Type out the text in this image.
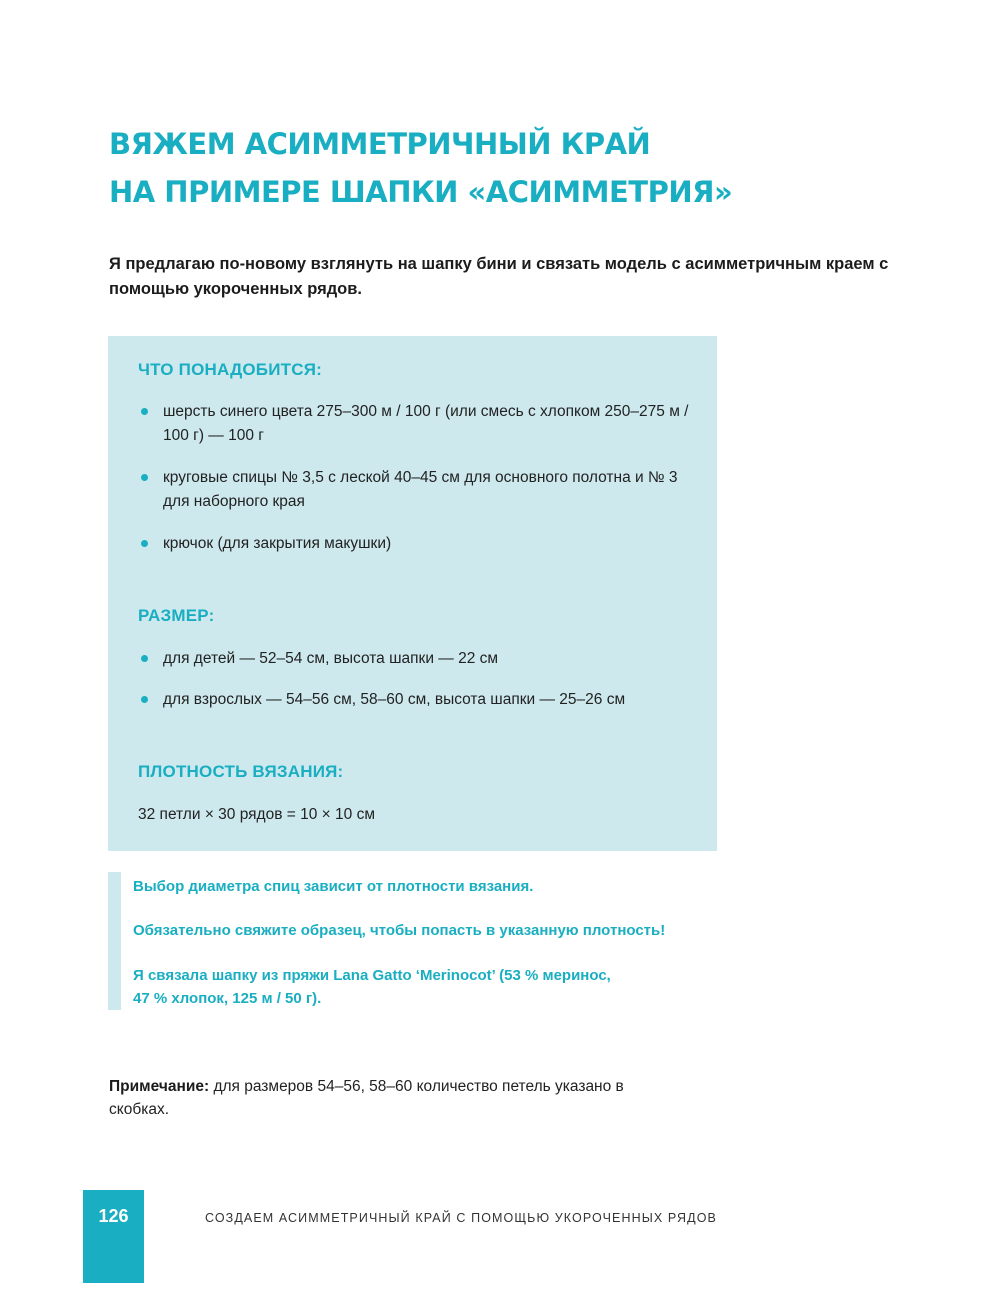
ВЯЖЕМ АСИММЕТРИЧНЫЙ КРАЙ
НА ПРИМЕРЕ ШАПКИ «АСИММЕТРИЯ»

Я предлагаю по-новому взглянуть на шапку бини и связать модель с асимметричным краем с помощью укороченных рядов.

ЧТО ПОНАДОБИТСЯ:
шерсть синего цвета 275–300 м / 100 г (или смесь с хлопком 250–275 м / 100 г) — 100 г
круговые спицы № 3,5 с леской 40–45 см для основного полотна и № 3 для наборного края
крючок (для закрытия макушки)
РАЗМЕР:
для детей — 52–54 см, высота шапки — 22 см
для взрослых — 54–56 см, 58–60 см, высота шапки — 25–26 см
ПЛОТНОСТЬ ВЯЗАНИЯ:

32 петли × 30 рядов = 10 × 10 см

Выбор диаметра спиц зависит от плотности вязания.

Обязательно свяжите образец, чтобы попасть в указанную плотность!

Я связала шапку из пряжи Lana Gatto ‘Merinocot’ (53 % меринос,

47 % хлопок, 125 м / 50 г).

Примечание: для размеров 54–56, 58–60 количество петель указано в скобках.

126	СОЗДАЕМ АСИММЕТРИЧНЫЙ КРАЙ С ПОМОЩЬЮ УКОРОЧЕННЫХ РЯДОВ
